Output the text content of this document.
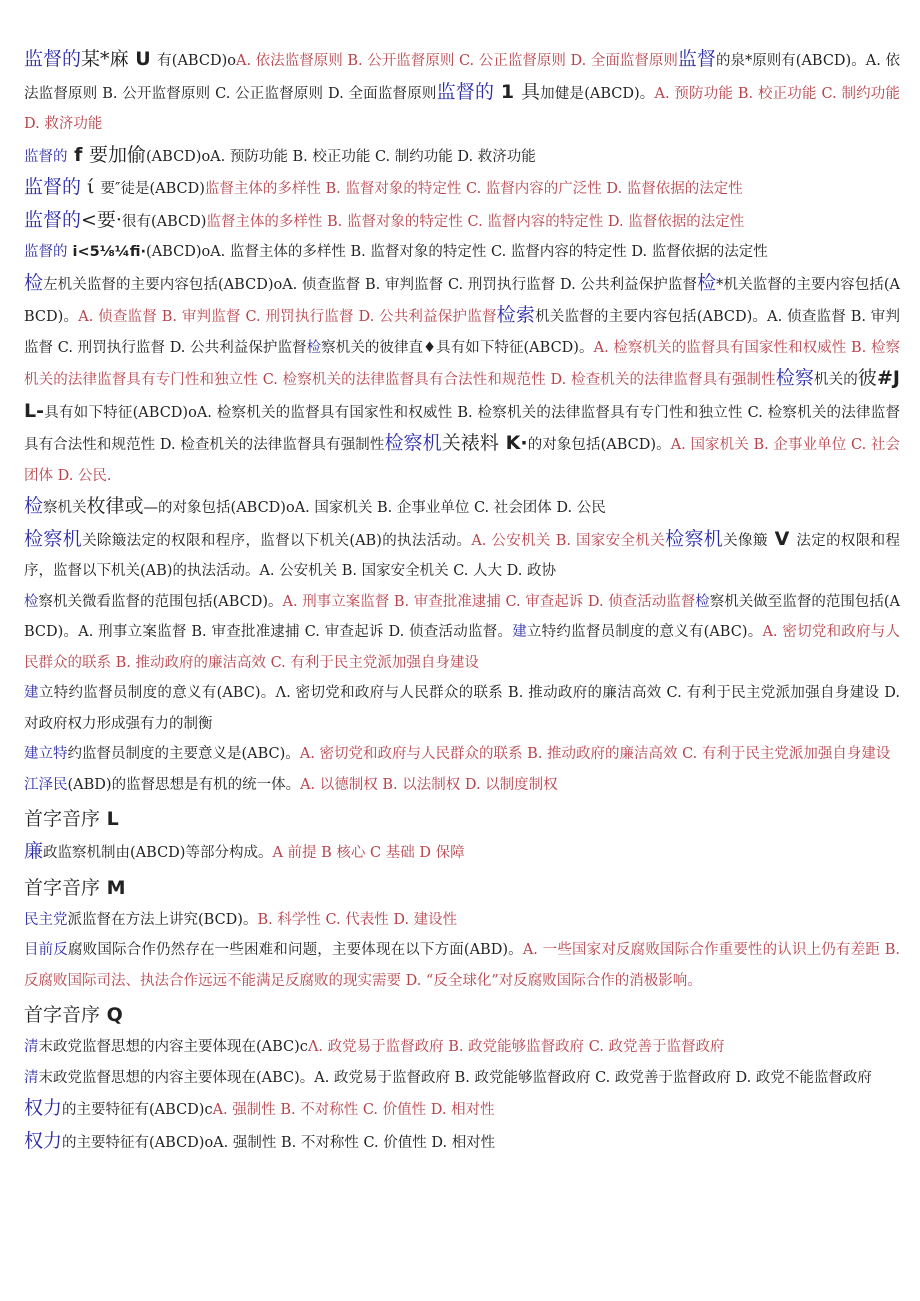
监督的某*麻 U 有(ABCD)oA. 依法监督原则 B. 公开监督原则 C. 公正监督原则 D. 全面监督原则监督的泉*原则有(ABCD)。A. 依法监督原则 B. 公开监督原则 C. 公正监督原则 D. 全面监督原则监督的 1 具加健是(ABCD)。A. 预防功能 B. 校正功能 C. 制约功能 D. 救济功能
监督的 f 要加偷(ABCD)oA. 预防功能 B. 校正功能 C. 制约功能 D. 救济功能
监督的 ί 要″徒是(ABCD)监督主体的多样性 B. 监督对象的特定性 C. 监督内容的广泛性 D. 监督依据的法定性
监督的<要·很有(ABCD)监督主体的多样性 B. 监督对象的特定性 C. 监督内容的特定性 D. 监督依据的法定性
监督的 i<5⅛¼fi·(ABCD)oA. 监督主体的多样性 B. 监督对象的特定性 C. 监督内容的特定性 D. 监督依据的法定性
检左机关监督的主要内容包括(ABCD)oA. 侦查监督 B. 审判监督 C. 刑罚执行监督 D. 公共利益保护监督检*机关监督的主要内容包括(ABCD)。A. 侦查监督 B. 审判监督 C. 刑罚执行监督 D. 公共利益保护监督检索机关监督的主要内容包括(ABCD)。A. 侦查监督 B. 审判监督 C. 刑罚执行监督 D. 公共利益保护监督检察机关的彼律直♦具有如下特征(ABCD)。A. 检察机关的监督具有国家性和权威性 B. 检察机关的法律监督具有专门性和独立性 C. 检察机关的法律监督具有合法性和规范性 D. 检查机关的法律监督具有强制性检察机关的彼#JL-具有如下特征(ABCD)oA. 检察机关的监督具有国家性和权威性 B. 检察机关的法律监督具有专门性和独立性 C. 检察机关的法律监督具有合法性和规范性 D. 检查机关的法律监督具有强制性检察机关裱料 K·的对象包括(ABCD)。A. 国家机关 B. 企事业单位 C. 社会团体 D. 公民.
检察机关枚律或—的对象包括(ABCD)oA. 国家机关 B. 企事业单位 C. 社会团体 D. 公民
检察机关除簸法定的权限和程序，监督以下机关(AB)的执法活动。A. 公安机关 B. 国家安全机关检察机关像簸 V 法定的权限和程序，监督以下机关(AB)的执法活动。A. 公安机关 B. 国家安全机关 C. 人大 D. 政协
检察机关微看监督的范围包括(ABCD)。A. 刑事立案监督 B. 审查批准逮捕 C. 审查起诉 D. 侦查活动监督检察机关做至监督的范围包括(ABCD)。A. 刑事立案监督 B. 审查批准逮捕 C. 审查起诉 D. 侦查活动监督。建立特约监督员制度的意义有(ABC)。A. 密切党和政府与人民群众的联系 B. 推动政府的廉洁高效 C. 有利于民主党派加强自身建设
建立特约监督员制度的意义有(ABC)。Λ. 密切党和政府与人民群众的联系 B. 推动政府的廉洁高效 C. 有利于民主党派加强自身建设 D. 对政府权力形成强有力的制衡
建立特约监督员制度的主要意义是(ABC)。A. 密切党和政府与人民群众的联系 B. 推动政府的廉洁高效 C. 有利于民主党派加强自身建设
江泽民(ABD)的监督思想是有机的统一体。A. 以德制权 B. 以法制权 D. 以制度制权
首字音序 L
廉政监察机制由(ABCD)等部分构成。A 前提 B 核心 C 基础 D 保障
首字音序 M
民主党派监督在方法上讲究(BCD)。B. 科学性 C. 代表性 D. 建设性
目前反腐败国际合作仍然存在一些困难和问题，主要体现在以下方面(ABD)。A. 一些国家对反腐败国际合作重要性的认识上仍有差距 B. 反腐败国际司法、执法合作远远不能满足反腐败的现实需要 D. “反全球化”对反腐败国际合作的消极影响。
首字音序 Q
清末政党监督思想的内容主要体现在(ABC)cΛ. 政党易于监督政府 B. 政党能够监督政府 C. 政党善于监督政府
清末政党监督思想的内容主要体现在(ABC)。A. 政党易于监督政府 B. 政党能够监督政府 C. 政党善于监督政府 D. 政党不能监督政府
权力的主要特征有(ABCD)cA. 强制性 B. 不对称性 C. 价值性 D. 相对性
权力的主要特征有(ABCD)oA. 强制性 B. 不对称性 C. 价值性 D. 相对性
